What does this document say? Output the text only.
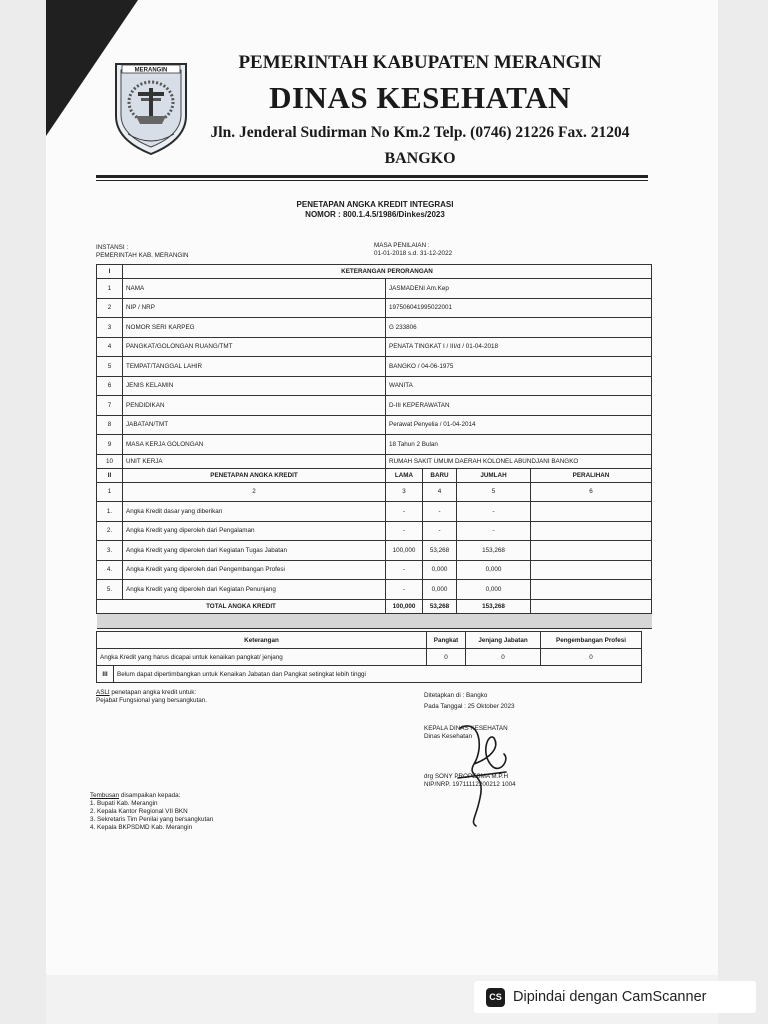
MERANGIN	PEMERINTAH KABUPATEN MERANGIN
DINAS KESEHATAN
Jln. Jenderal Sudirman No Km.2 Telp. (0746) 21226 Fax. 21204
BANGKO
PENETAPAN ANGKA KREDIT INTEGRASI
NOMOR : 800.1.4.5/1986/Dinkes/2023
INSTANSI :
PEMERINTAH KAB. MERANGIN
MASA PENILAIAN :
01-01-2018 s.d. 31-12-2022
I	KETERANGAN PERORANGAN				
1	NAMA	JASMADENI Am.Kep			
2	NIP / NRP	197506041995022001			
3	NOMOR SERI KARPEG	G 233806			
4	PANGKAT/GOLONGAN RUANG/TMT	PENATA TINGKAT I / III/d / 01-04-2018			
5	TEMPAT/TANGGAL LAHIR	BANGKO / 04-06-1975			
6	JENIS KELAMIN	WANITA			
7	PENDIDIKAN	D-III KEPERAWATAN			
8	JABATAN/TMT	Perawat Penyelia / 01-04-2014			
9	MASA KERJA GOLONGAN	18 Tahun 2 Bulan			
10	UNIT KERJA	RUMAH SAKIT UMUM DAERAH KOLONEL ABUNDJANI BANGKO			
II	PENETAPAN ANGKA KREDIT	LAMA	BARU	JUMLAH	PERALIHAN
1	2	3	4	5	6
1.	Angka Kredit dasar yang diberikan	-	-	-	
2.	Angka Kredit yang diperoleh dari Pengalaman	-	-	-	
3.	Angka Kredit yang diperoleh dari Kegiatan Tugas Jabatan	100,000	53,268	153,268	
4.	Angka Kredit yang diperoleh dari Pengembangan Profesi	-	0,000	0,000	
5.	Angka Kredit yang diperoleh dari Kegiatan Penunjang	-	0,000	0,000	
TOTAL ANGKA KREDIT		100,000	53,268	153,268	

Keterangan		Pangkat	Jenjang Jabatan	Pengembangan Profesi
Angka Kredit yang harus dicapai untuk kenaikan pangkat/ jenjang		0	0	0
III	Belum dapat dipertimbangkan untuk Kenaikan Jabatan dan Pangkat setingkat lebih tinggi			
ASLI penetapan angka kredit untuk:
Pejabat Fungsional yang bersangkutan.
Ditetapkan di : Bangko
Pada Tanggal : 25 Oktober 2023
KEPALA DINAS KESEHATAN
Dinas Kesehatan
drg SONY PROPESMA M.P.H
NIP/NRP. 19711112200212 1004
Tembusan disampaikan kepada:
1. Bupati Kab. Merangin
2. Kepala Kantor Regional VII BKN
3. Sekretaris Tim Penilai yang bersangkutan
4. Kepala BKPSDMD Kab. Merangin
CS Dipindai dengan CamScanner
